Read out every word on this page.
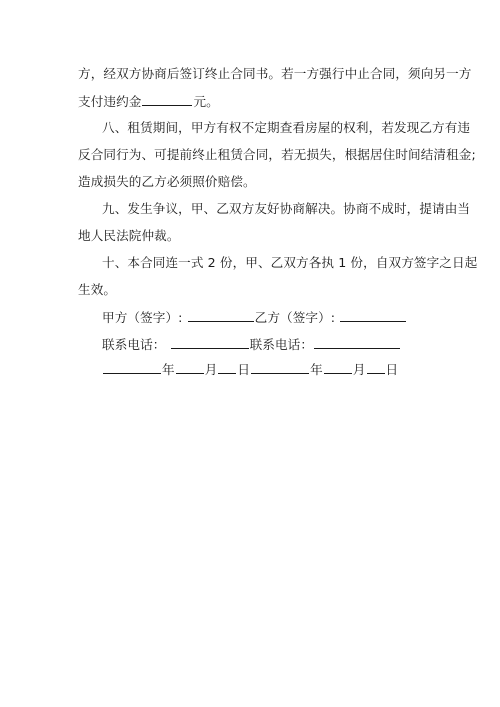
方，经双方协商后签订终止合同书。若一方强行中止合同，须向另一方
支付违约金	元。
八、租赁期间，甲方有权不定期查看房屋的权利，若发现乙方有违
反合同行为、可提前终止租赁合同，若无损失，根据居住时间结清租金;
造成损失的乙方必须照价赔偿。
九、发生争议，甲、乙双方友好协商解决。协商不成时，提请由当
地人民法院仲裁。
十、本合同连一式 2 份，甲、乙双方各执 1 份，自双方签字之日起
生效。
甲方（签字）:	乙方（签字）:
联系电话：	联系电话：
年 月 日	年 月 日
